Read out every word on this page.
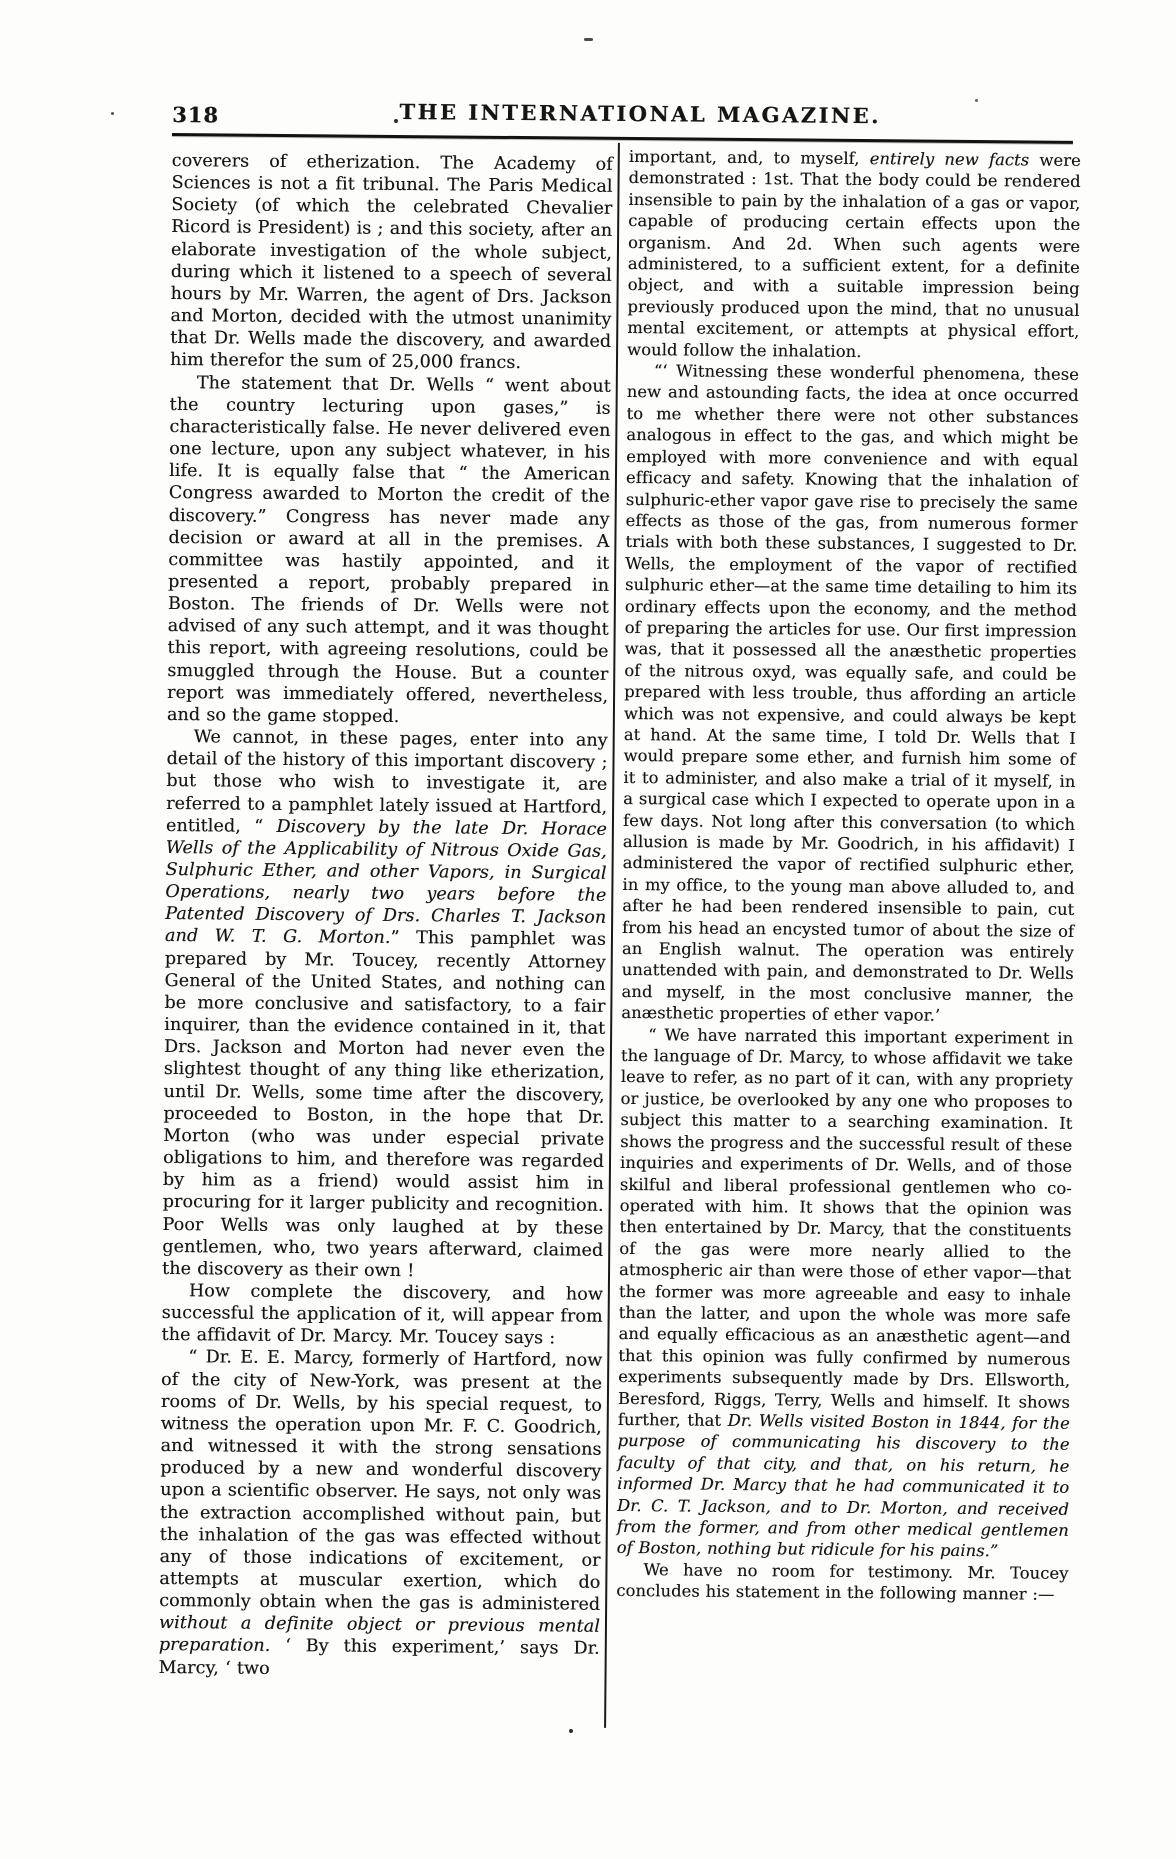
318	THE INTERNATIONAL MAGAZINE.

coverers of etherization. The Academy of Sciences is not a fit tribunal. The Paris Medical Society (of which the celebrated Chevalier Ricord is President) is ; and this society, after an elaborate investigation of the whole subject, during which it listened to a speech of several hours by Mr. Warren, the agent of Drs. Jackson and Morton, decided with the utmost unanimity that Dr. Wells made the discovery, and awarded him therefor the sum of 25,000 francs.

The statement that Dr. Wells “ went about the country lecturing upon gases,” is characteristically false. He never delivered even one lecture, upon any subject whatever, in his life. It is equally false that “ the American Congress awarded to Morton the credit of the discovery.” Congress has never made any decision or award at all in the premises. A committee was hastily appointed, and it presented a report, probably prepared in Boston. The friends of Dr. Wells were not advised of any such attempt, and it was thought this report, with agreeing resolutions, could be smuggled through the House. But a counter report was immediately offered, nevertheless, and so the game stopped.

We cannot, in these pages, enter into any detail of the history of this important discovery ; but those who wish to investigate it, are referred to a pamphlet lately issued at Hartford, entitled, “ Discovery by the late Dr. Horace Wells of the Applicability of Nitrous Oxide Gas, Sulphuric Ether, and other Vapors, in Surgical Operations, nearly two years before the Patented Discovery of Drs. Charles T. Jackson and W. T. G. Morton.” This pamphlet was prepared by Mr. Toucey, recently Attorney General of the United States, and nothing can be more conclusive and satisfactory, to a fair inquirer, than the evidence contained in it, that Drs. Jackson and Morton had never even the slightest thought of any thing like etherization, until Dr. Wells, some time after the discovery, proceeded to Boston, in the hope that Dr. Morton (who was under especial private obligations to him, and therefore was regarded by him as a friend) would assist him in procuring for it larger publicity and recognition. Poor Wells was only laughed at by these gentlemen, who, two years afterward, claimed the discovery as their own !

How complete the discovery, and how successful the application of it, will appear from the affidavit of Dr. Marcy. Mr. Toucey says :

“ Dr. E. E. Marcy, formerly of Hartford, now of the city of New-York, was present at the rooms of Dr. Wells, by his special request, to witness the operation upon Mr. F. C. Goodrich, and witnessed it with the strong sensations produced by a new and wonderful discovery upon a scientific observer. He says, not only was the extraction accomplished without pain, but the inhalation of the gas was effected without any of those indications of excitement, or attempts at muscular exertion, which do commonly obtain when the gas is administered without a definite object or previous mental preparation. ‘ By this experiment,’ says Dr. Marcy, ‘ two

important, and, to myself, entirely new facts were demonstrated : 1st. That the body could be rendered insensible to pain by the inhalation of a gas or vapor, capable of producing certain effects upon the organism. And 2d. When such agents were administered, to a sufficient extent, for a definite object, and with a suitable impression being previously produced upon the mind, that no unusual mental excitement, or attempts at physical effort, would follow the inhalation.

“‘ Witnessing these wonderful phenomena, these new and astounding facts, the idea at once occurred to me whether there were not other substances analogous in effect to the gas, and which might be employed with more convenience and with equal efficacy and safety. Knowing that the inhalation of sulphuric-ether vapor gave rise to precisely the same effects as those of the gas, from numerous former trials with both these substances, I suggested to Dr. Wells, the employment of the vapor of rectified sulphuric ether—at the same time detailing to him its ordinary effects upon the economy, and the method of preparing the articles for use. Our first impression was, that it possessed all the anæsthetic properties of the nitrous oxyd, was equally safe, and could be prepared with less trouble, thus affording an article which was not expensive, and could always be kept at hand. At the same time, I told Dr. Wells that I would prepare some ether, and furnish him some of it to administer, and also make a trial of it myself, in a surgical case which I expected to operate upon in a few days. Not long after this conversation (to which allusion is made by Mr. Goodrich, in his affidavit) I administered the vapor of rectified sulphuric ether, in my office, to the young man above alluded to, and after he had been rendered insensible to pain, cut from his head an encysted tumor of about the size of an English walnut. The operation was entirely unattended with pain, and demonstrated to Dr. Wells and myself, in the most conclusive manner, the anæsthetic properties of ether vapor.’

“ We have narrated this important experiment in the language of Dr. Marcy, to whose affidavit we take leave to refer, as no part of it can, with any propriety or justice, be overlooked by any one who proposes to subject this matter to a searching examination. It shows the progress and the successful result of these inquiries and experiments of Dr. Wells, and of those skilful and liberal professional gentlemen who co-operated with him. It shows that the opinion was then entertained by Dr. Marcy, that the constituents of the gas were more nearly allied to the atmospheric air than were those of ether vapor—that the former was more agreeable and easy to inhale than the latter, and upon the whole was more safe and equally efficacious as an anæsthetic agent—and that this opinion was fully confirmed by numerous experiments subsequently made by Drs. Ellsworth, Beresford, Riggs, Terry, Wells and himself. It shows further, that Dr. Wells visited Boston in 1844, for the purpose of communicating his discovery to the faculty of that city, and that, on his return, he informed Dr. Marcy that he had communicated it to Dr. C. T. Jackson, and to Dr. Morton, and received from the former, and from other medical gentlemen of Boston, nothing but ridicule for his pains.”

We have no room for testimony. Mr. Toucey concludes his statement in the following manner :—
